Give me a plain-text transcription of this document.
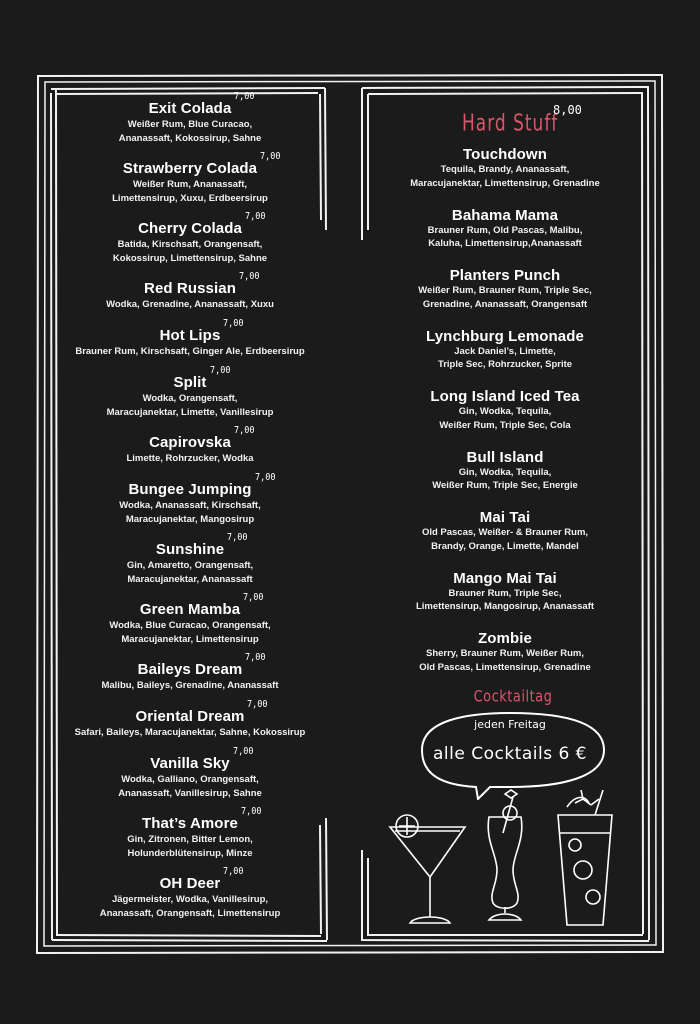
Exit Colada
7,00
Weißer Rum, Blue Curacao,
Ananassaft, Kokossirup, Sahne
Strawberry Colada
7,00
Weißer Rum, Ananassaft,
Limettensirup, Xuxu, Erdbeersirup
Cherry Colada
7,00
Batida, Kirschsaft, Orangensaft,
Kokossirup, Limettensirup, Sahne
Red Russian
7,00
Wodka, Grenadine, Ananassaft, Xuxu
Hot Lips
7,00
Brauner Rum, Kirschsaft, Ginger Ale, Erdbeersirup
Split
7,00
Wodka, Orangensaft,
Maracujanektar, Limette, Vanillesirup
Capirovska
7,00
Limette, Rohrzucker, Wodka
Bungee Jumping
7,00
Wodka, Ananassaft, Kirschsaft,
Maracujanektar, Mangosirup
Sunshine
7,00
Gin, Amaretto, Orangensaft,
Maracujanektar, Ananassaft
Green Mamba
7,00
Wodka, Blue Curacao, Orangensaft,
Maracujanektar, Limettensirup
Baileys Dream
7,00
Malibu, Baileys, Grenadine, Ananassaft
Oriental Dream
7,00
Safari, Baileys, Maracujanektar, Sahne, Kokossirup
Vanilla Sky
7,00
Wodka, Galliano, Orangensaft,
Ananassaft, Vanillesirup, Sahne
That’s Amore
7,00
Gin, Zitronen, Bitter Lemon,
Holunderblütensirup, Minze
OH Deer
7,00
Jägermeister, Wodka, Vanillesirup,
Ananassaft, Orangensaft, Limettensirup
Hard Stuff
8,00
Touchdown
Tequila, Brandy, Ananassaft,
Maracujanektar, Limettensirup, Grenadine
Bahama Mama
Brauner Rum, Old Pascas, Malibu,
Kaluha, Limettensirup,Ananassaft
Planters Punch
Weißer Rum, Brauner Rum, Triple Sec,
Grenadine, Ananassaft, Orangensaft
Lynchburg Lemonade
Jack Daniel’s, Limette,
Triple Sec, Rohrzucker, Sprite
Long Island Iced Tea
Gin, Wodka, Tequila,
Weißer Rum, Triple Sec, Cola
Bull Island
Gin, Wodka, Tequila,
Weißer Rum, Triple Sec, Energie
Mai Tai
Old Pascas, Weißer- & Brauner Rum,
Brandy, Orange, Limette, Mandel
Mango Mai Tai
Brauner Rum, Triple Sec,
Limettensirup, Mangosirup, Ananassaft
Zombie
Sherry, Brauner Rum, Weißer Rum,
Old Pascas, Limettensirup, Grenadine
Cocktailtag
jeden Freitag
alle Cocktails 6 €
